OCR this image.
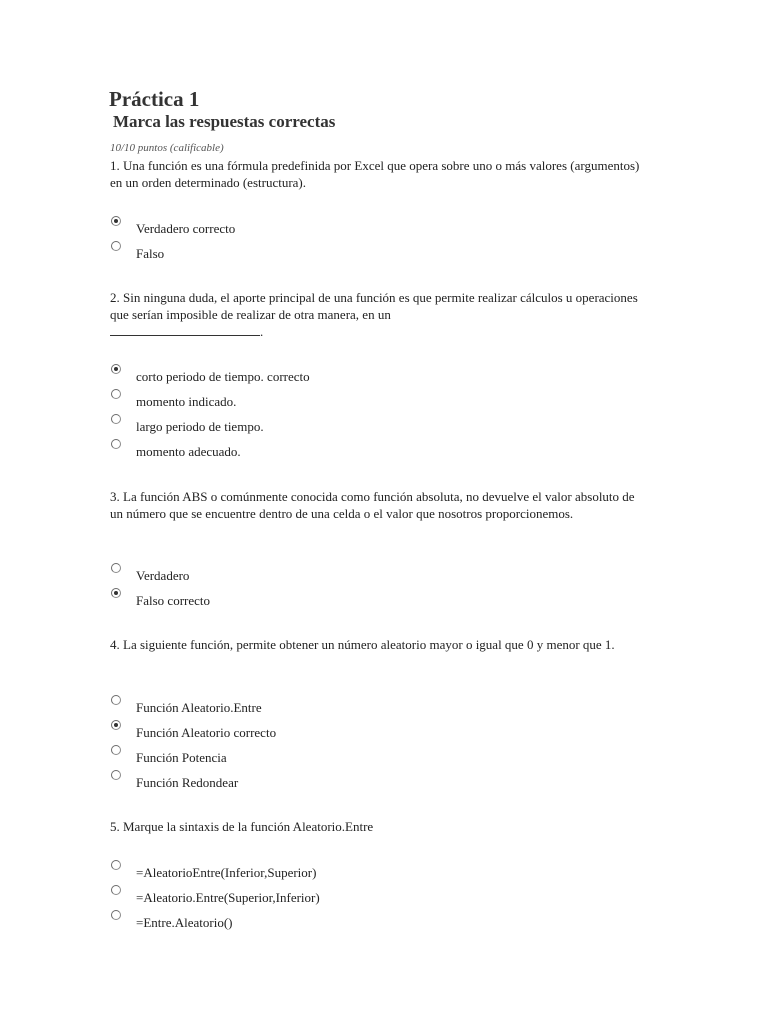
Práctica 1
Marca las respuestas correctas
10/10 puntos (calificable)

1. Una función es una fórmula predefinida por Excel que opera sobre uno o más valores (argumentos) en un orden determinado (estructura).

Verdadero correcto
Falso

2. Sin ninguna duda, el aporte principal de una función es que permite realizar cálculos u operaciones que serían imposible de realizar de otra manera, en un
.

corto periodo de tiempo. correcto
momento indicado.
largo periodo de tiempo.
momento adecuado.

3. La función ABS o comúnmente conocida como función absoluta, no devuelve el valor absoluto de un número que se encuentre dentro de una celda o el valor que nosotros proporcionemos.

Verdadero
Falso correcto

4. La siguiente función, permite obtener un número aleatorio mayor o igual que 0 y menor que 1.

Función Aleatorio.Entre
Función Aleatorio correcto
Función Potencia
Función Redondear

5. Marque la sintaxis de la función Aleatorio.Entre

=AleatorioEntre(Inferior,Superior)
=Aleatorio.Entre(Superior,Inferior)
=Entre.Aleatorio()
